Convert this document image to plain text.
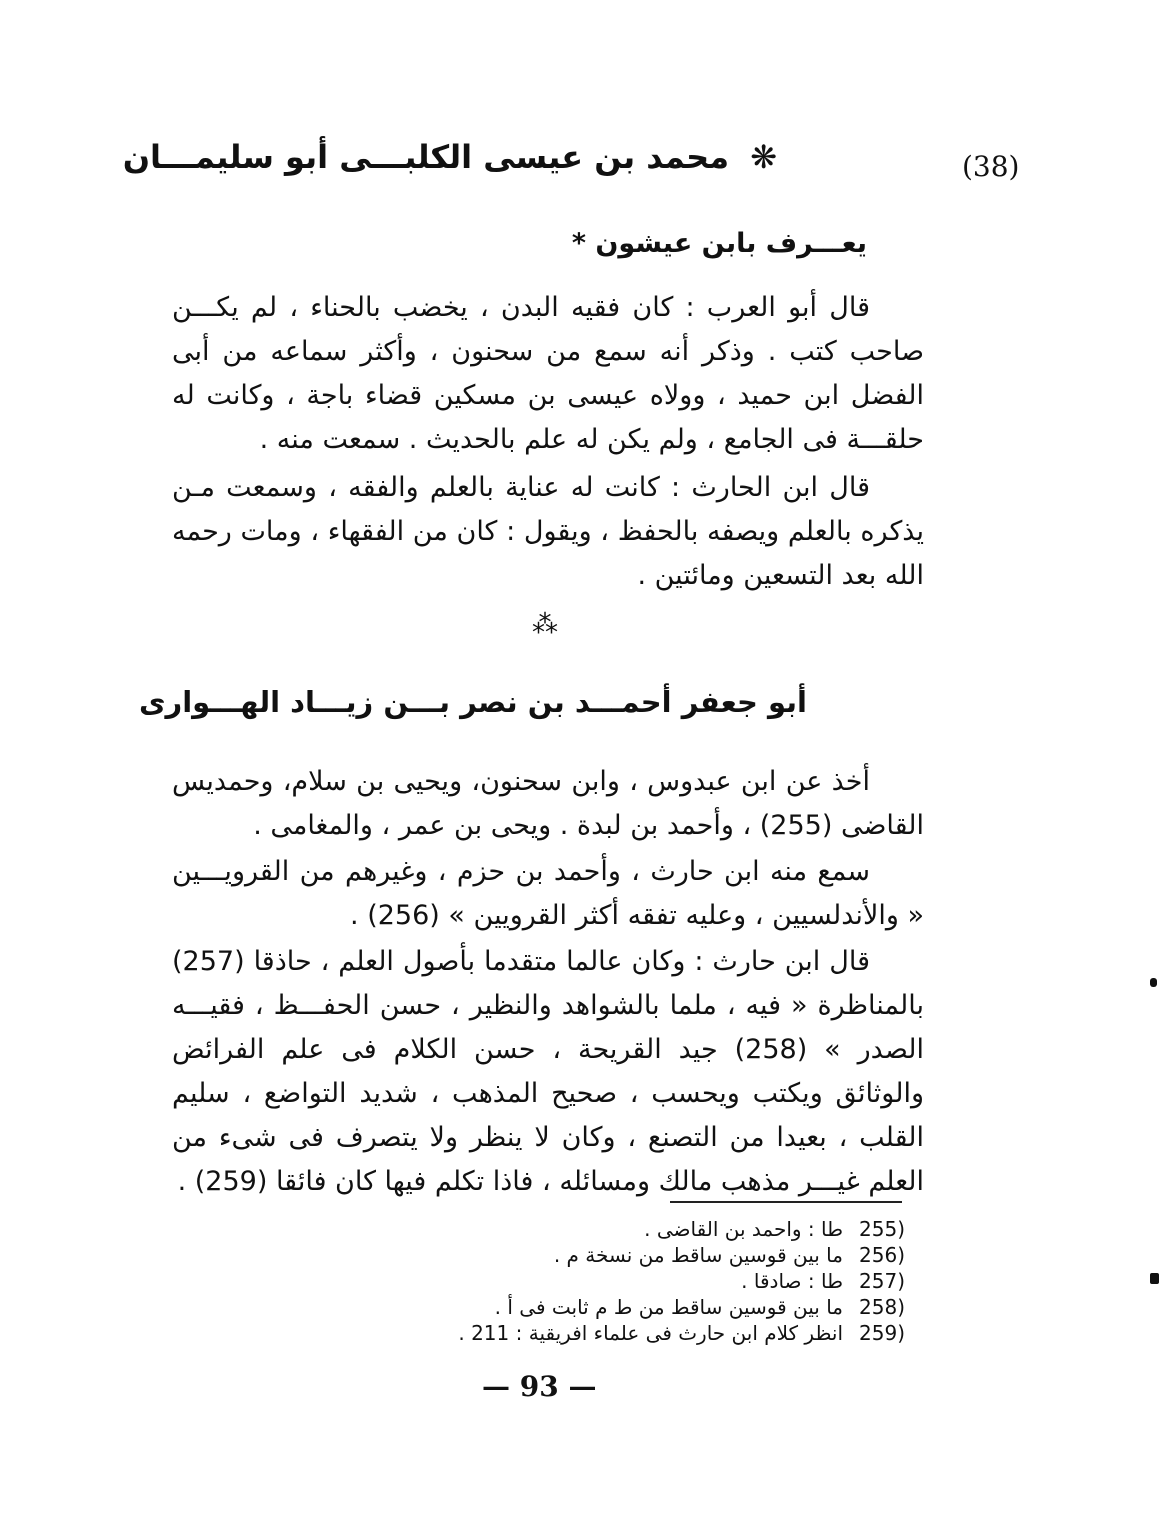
(38)
❋ محمد بن عيسى الكلبـــى أبو سليمـــان
يعـــرف بابن عيشون *
قال أبو العرب : كان فقيه البدن ، يخضب بالحناء ، لم يكـــن صاحب كتب . وذكر أنه سمع من سحنون ، وأكثر سماعه من أبى الفضل ابن حميد ، وولاه عيسى بن مسكين قضاء باجة ، وكانت له حلقـــة فى الجامع ، ولم يكن له علم بالحديث . سمعت منه .
قال ابن الحارث : كانت له عناية بالعلم والفقه ، وسمعت مـن يذكره بالعلم ويصفه بالحفظ ، ويقول : كان من الفقهاء ، ومات رحمه الله بعد التسعين ومائتين .
⁂
أبو جعفر أحمـــد بن نصر بـــن زيـــاد الهـــوارى
أخذ عن ابن عبدوس ، وابن سحنون، ويحيى بن سلام، وحمديس القاضى (255) ، وأحمد بن لبدة . ويحى بن عمر ، والمغامى .
سمع منه ابن حارث ، وأحمد بن حزم ، وغيرهم من القرويـــين « والأندلسيين ، وعليه تفقه أكثر القرويين » (256) .
قال ابن حارث : وكان عالما متقدما بأصول العلم ، حاذقا (257) بالمناظرة « فيه ، ملما بالشواهد والنظير ، حسن الحفـــظ ، فقيـــه الصدر » (258) جيد القريحة ، حسن الكلام فى علم الفرائض والوثائق ويكتب ويحسب ، صحيح المذهب ، شديد التواضع ، سليم القلب ، بعيدا من التصنع ، وكان لا ينظر ولا يتصرف فى شىء من العلم غيـــر مذهب مالك ومسائله ، فاذا تكلم فيها كان فائقا (259) .
(255
طا : واحمد بن القاضى .
(256
ما بين قوسين ساقط من نسخة م .
(257
طا : صادقا .
(258
ما بين قوسين ساقط من ط م ثابت فى أ .
(259
انظر كلام ابن حارث فى علماء افريقية : 211 .
— 93 —
